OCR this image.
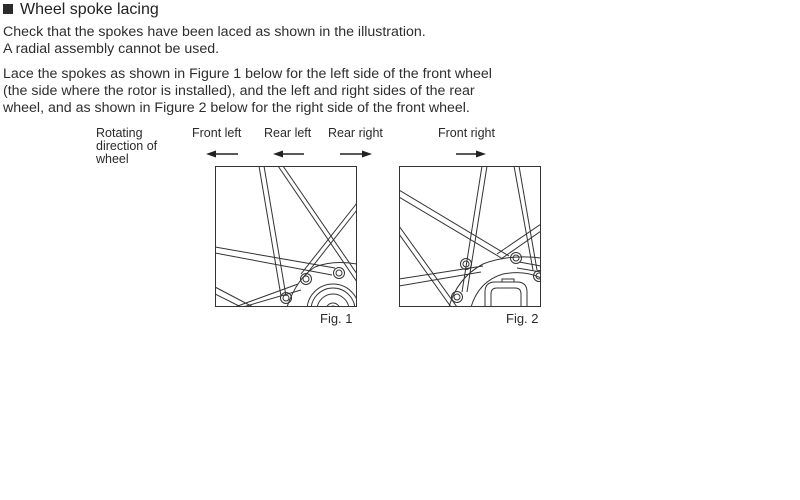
Wheel spoke lacing
Check that the spokes have been laced as shown in the illustration.
A radial assembly cannot be used.
Lace the spokes as shown in Figure 1 below for the left side of the front wheel
(the side where the rotor is installed), and the left and right sides of the rear
wheel, and as shown in Figure 2 below for the right side of the front wheel.
Rotating
direction of
wheel
Front left Rear left Rear right	Front right
Fig. 1	Fig. 2
